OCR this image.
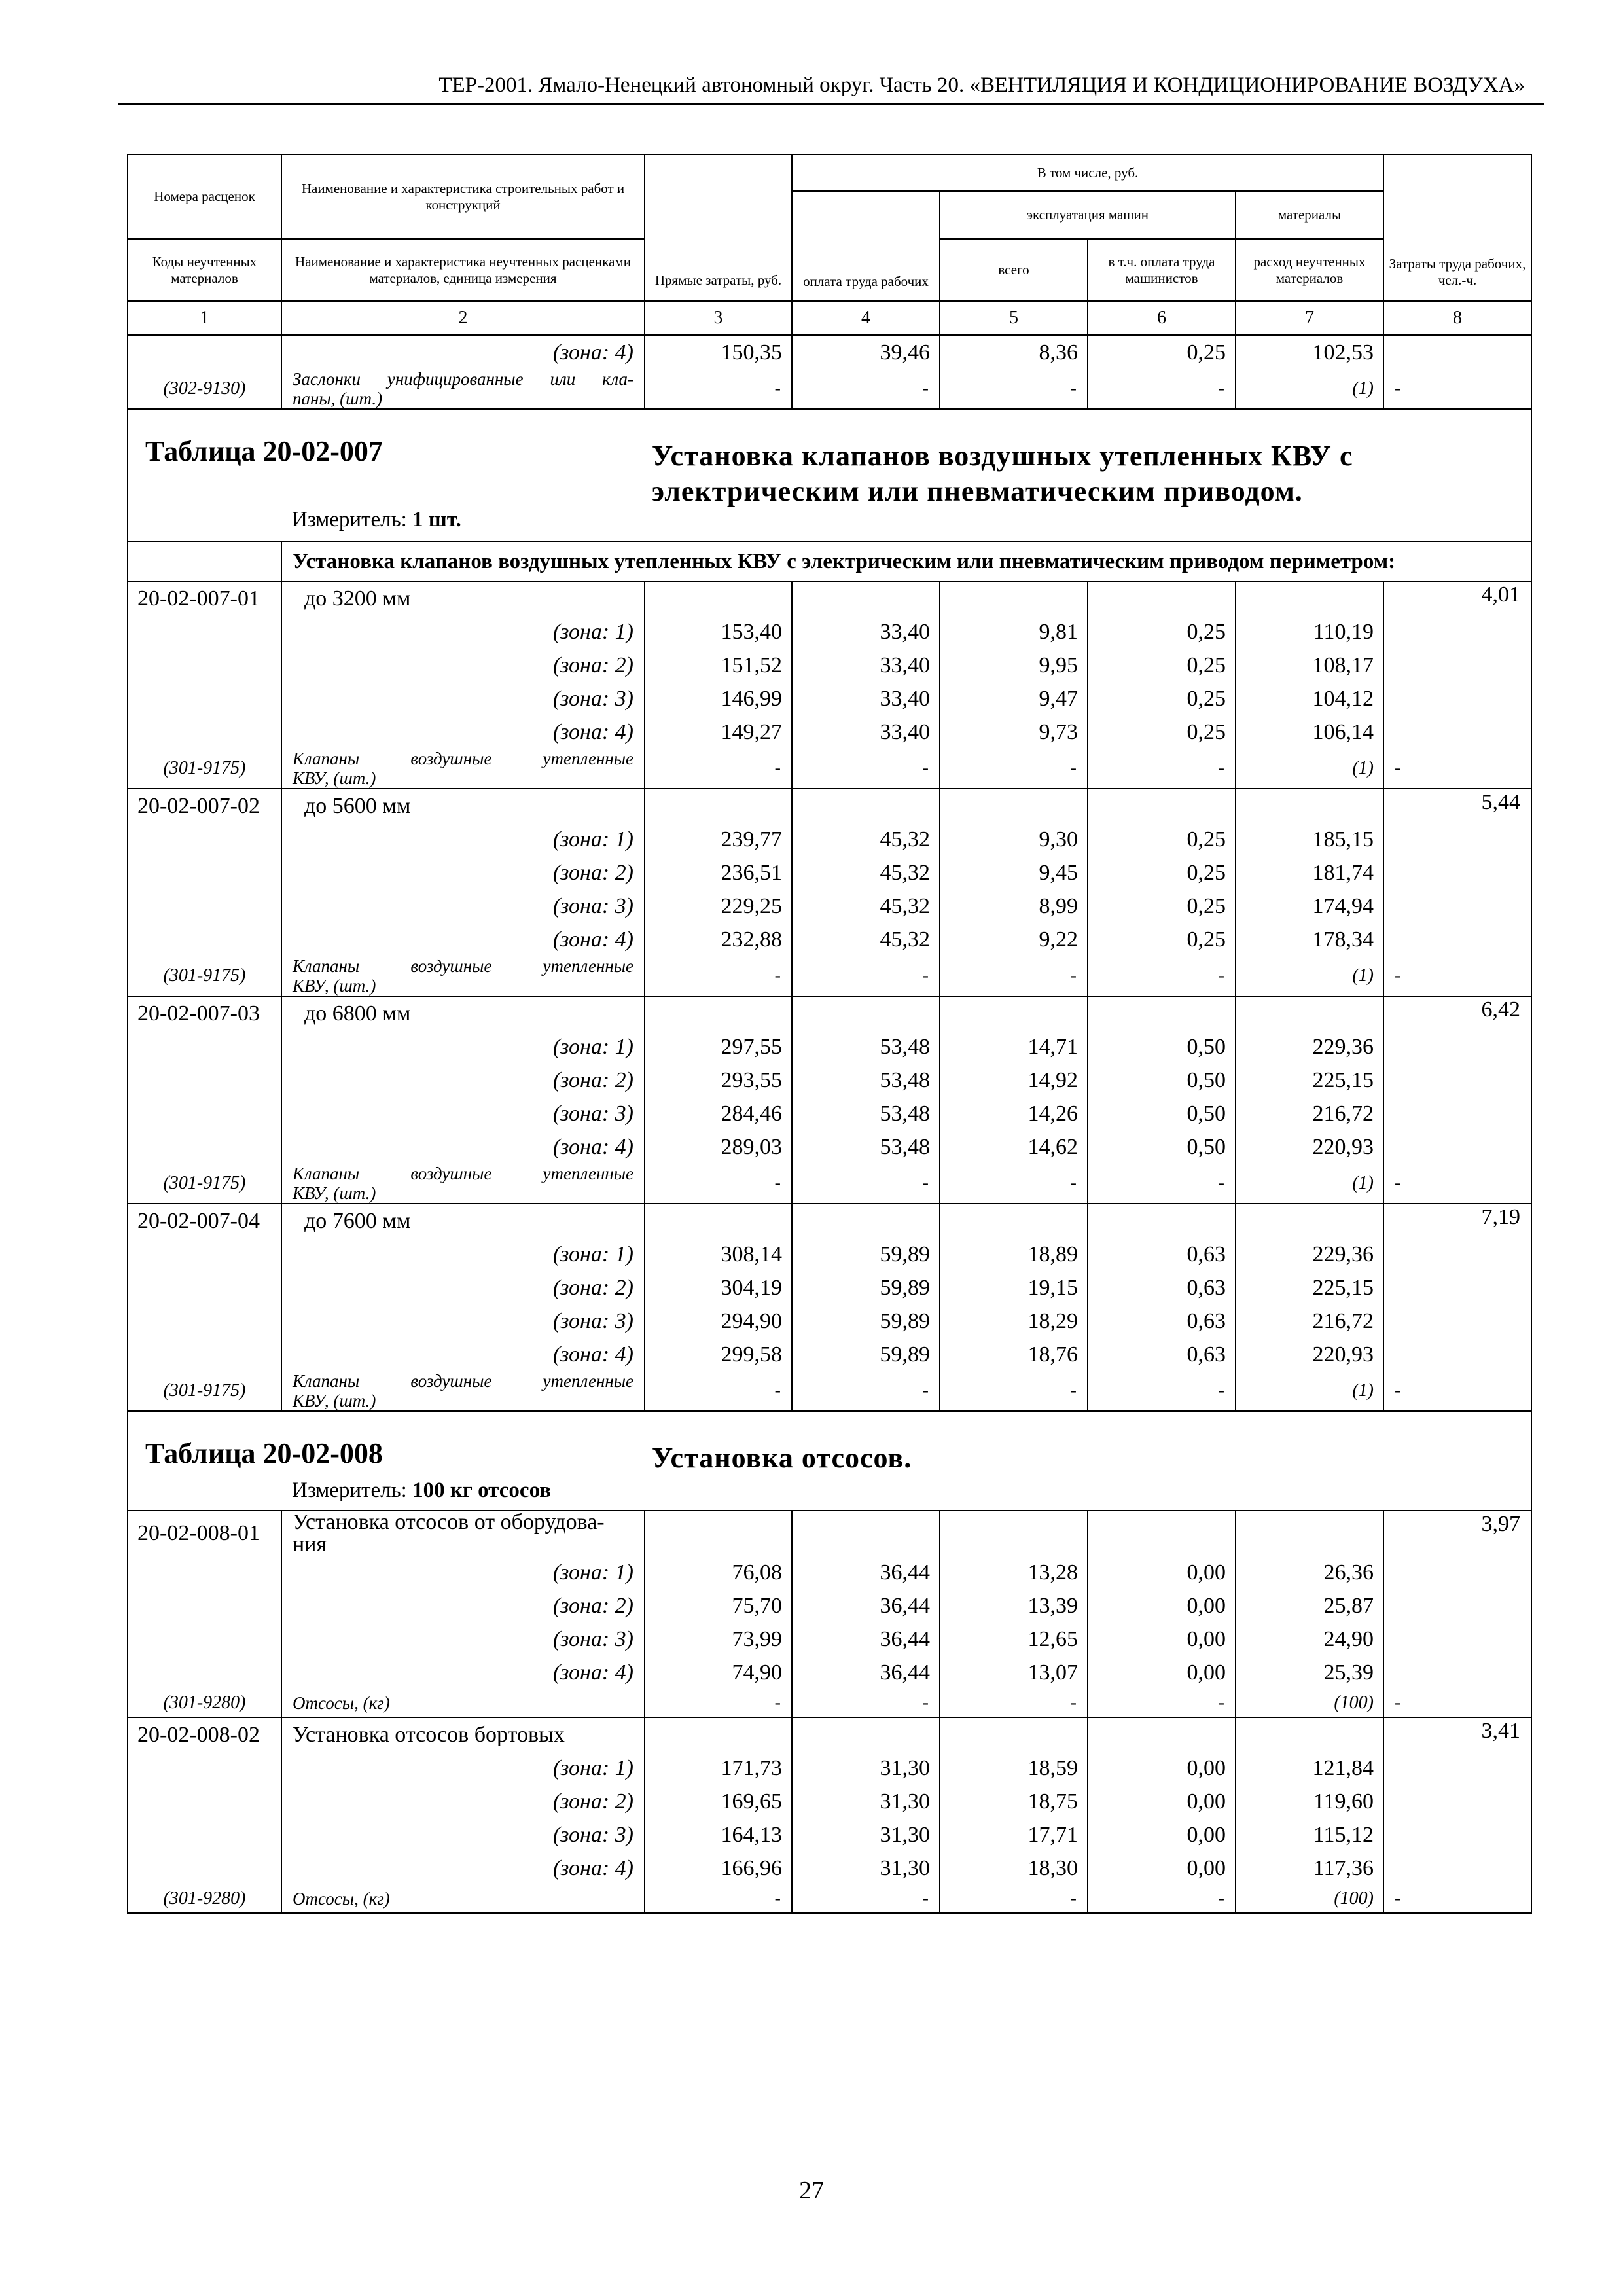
ТЕР-2001. Ямало-Ненецкий автономный округ. Часть 20. «ВЕНТИЛЯЦИЯ И КОНДИЦИОНИРОВАНИЕ ВОЗДУХА»
Номера расценок	Наименование и характеристика строительных работ и конструкций	Прямые затраты, руб.	В том числе, руб.				Затраты труда рабочих, чел.-ч.
			оплата труда рабочих	эксплуатация машин		материалы	
Коды неучтенных материалов	Наименование и характеристика неучтенных расценками материалов, единица измерения			всего	в т.ч. оплата труда машинистов	расход неучтенных материалов	
1	2	3	4	5	6	7	8
	(зона: 4)	150,35	39,46	8,36	0,25	102,53	
(302-9130)	Заслонки унифицированные или кла-
паны, (шт.)	-	-	-	-	(1)	-

Таблица 20-02-007 Установка клапанов воздушных утепленных КВУ с электрическим или пневматическим приводом.
Измеритель: 1 шт.							

	Установка клапанов воздушных утепленных КВУ с электрическим или пневматическим приводом периметром:						
20-02-007-01	до 3200 мм						4,01
	(зона: 1)	153,40	33,40	9,81	0,25	110,19	
	(зона: 2)	151,52	33,40	9,95	0,25	108,17	
	(зона: 3)	146,99	33,40	9,47	0,25	104,12	
	(зона: 4)	149,27	33,40	9,73	0,25	106,14	
(301-9175)	Клапаны воздушные утепленные
КВУ, (шт.)	-	-	-	-	(1)	-
20-02-007-02	до 5600 мм						5,44
	(зона: 1)	239,77	45,32	9,30	0,25	185,15	
	(зона: 2)	236,51	45,32	9,45	0,25	181,74	
	(зона: 3)	229,25	45,32	8,99	0,25	174,94	
	(зона: 4)	232,88	45,32	9,22	0,25	178,34	
(301-9175)	Клапаны воздушные утепленные
КВУ, (шт.)	-	-	-	-	(1)	-
20-02-007-03	до 6800 мм						6,42
	(зона: 1)	297,55	53,48	14,71	0,50	229,36	
	(зона: 2)	293,55	53,48	14,92	0,50	225,15	
	(зона: 3)	284,46	53,48	14,26	0,50	216,72	
	(зона: 4)	289,03	53,48	14,62	0,50	220,93	
(301-9175)	Клапаны воздушные утепленные
КВУ, (шт.)	-	-	-	-	(1)	-
20-02-007-04	до 7600 мм						7,19
	(зона: 1)	308,14	59,89	18,89	0,63	229,36	
	(зона: 2)	304,19	59,89	19,15	0,63	225,15	
	(зона: 3)	294,90	59,89	18,29	0,63	216,72	
	(зона: 4)	299,58	59,89	18,76	0,63	220,93	
(301-9175)	Клапаны воздушные утепленные
КВУ, (шт.)	-	-	-	-	(1)	-

Таблица 20-02-008 Установка отсосов.
Измеритель: 100 кг отсосов							

20-02-008-01	Установка отсосов от оборудова-
ния						3,97
	(зона: 1)	76,08	36,44	13,28	0,00	26,36	
	(зона: 2)	75,70	36,44	13,39	0,00	25,87	
	(зона: 3)	73,99	36,44	12,65	0,00	24,90	
	(зона: 4)	74,90	36,44	13,07	0,00	25,39	
(301-9280)	Отсосы, (кг)	-	-	-	-	(100)	-
20-02-008-02	Установка отсосов бортовых						3,41
	(зона: 1)	171,73	31,30	18,59	0,00	121,84	
	(зона: 2)	169,65	31,30	18,75	0,00	119,60	
	(зона: 3)	164,13	31,30	17,71	0,00	115,12	
	(зона: 4)	166,96	31,30	18,30	0,00	117,36	
(301-9280)	Отсосы, (кг)	-	-	-	-	(100)	-
27
